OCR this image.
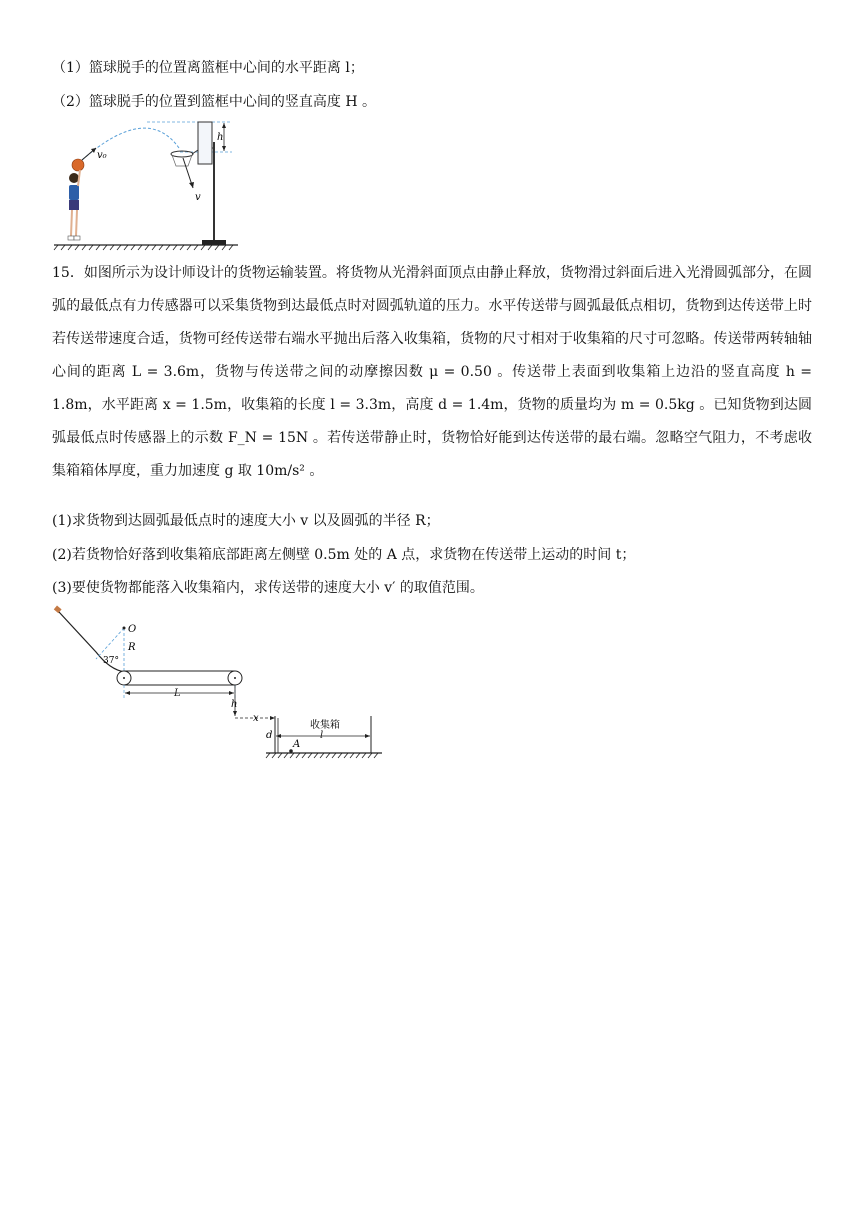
（1）篮球脱手的位置离篮框中心间的水平距离 l；
（2）篮球脱手的位置到篮框中心间的竖直高度 H 。
v₀
v
h
15．如图所示为设计师设计的货物运输装置。将货物从光滑斜面顶点由静止释放，货物滑过斜面后进入光滑圆弧部分，在圆弧的最低点有力传感器可以采集货物到达最低点时对圆弧轨道的压力。水平传送带与圆弧最低点相切，货物到达传送带上时若传送带速度合适，货物可经传送带右端水平抛出后落入收集箱，货物的尺寸相对于收集箱的尺寸可忽略。传送带两转轴轴心间的距离 L = 3.6m，货物与传送带之间的动摩擦因数 μ = 0.50 。传送带上表面到收集箱上边沿的竖直高度 h = 1.8m，水平距离 x = 1.5m，收集箱的长度 l = 3.3m，高度 d = 1.4m，货物的质量均为 m = 0.5kg 。已知货物到达圆弧最低点时传感器上的示数 F_N = 15N 。若传送带静止时，货物恰好能到达传送带的最右端。忽略空气阻力，不考虑收集箱箱体厚度，重力加速度 g 取 10m/s² 。
(1)求货物到达圆弧最低点时的速度大小 v 以及圆弧的半径 R；
(2)若货物恰好落到收集箱底部距离左侧壁 0.5m 处的 A 点，求货物在传送带上运动的时间 t；
(3)要使货物都能落入收集箱内，求传送带的速度大小 v′ 的取值范围。
O
R
37°
L
h
x
收集箱
l
d
A
